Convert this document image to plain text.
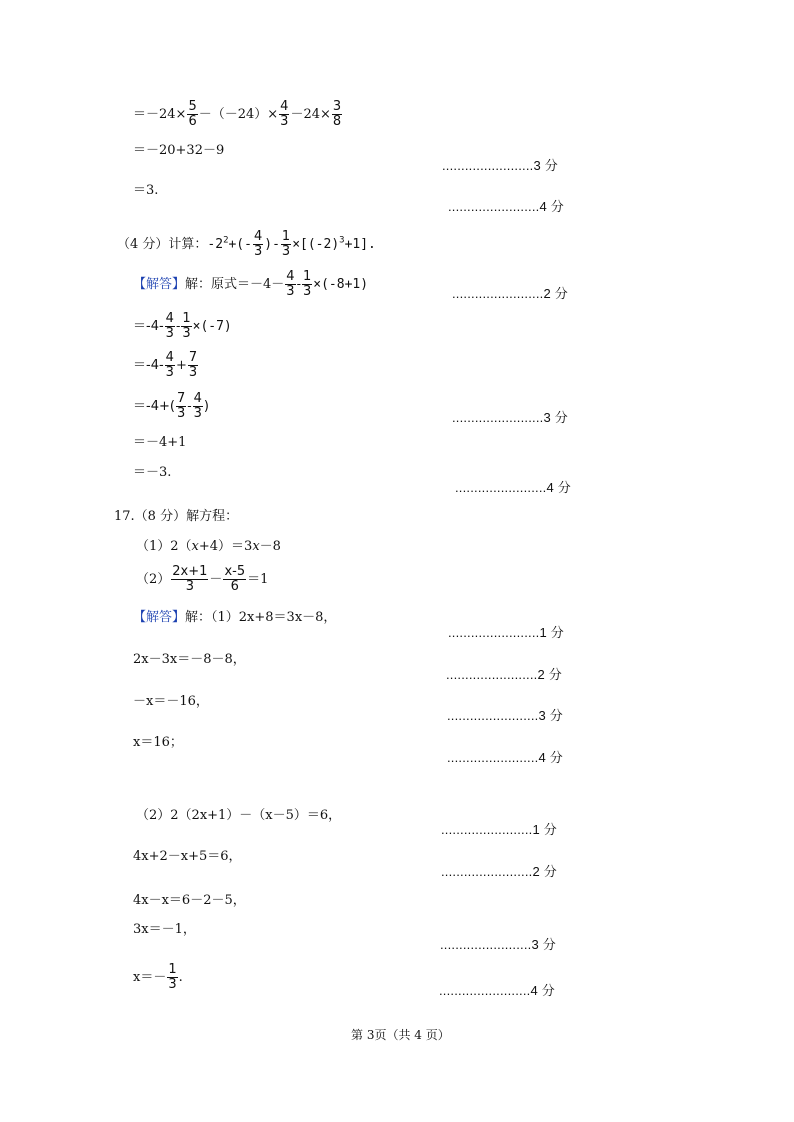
$=-24\times \frac{5}{6} -(-24)\times \frac{4}{3} -24\times \frac{3}{8}$
＝－20+32－9
........................3 分
＝3.
........................4 分
（4 分）计算：$-2^2+(- \frac{4}{3}$ )- $\frac{1}{3} \times[(-2)^3+1]$.
【解答】解：原式$=-4- \frac{4}{3} - \frac{1}{3} \times(-8+1)$
........................2 分
$=-4- \frac{4}{3} - \frac{1}{3} \times(-7)$
$=-4- \frac{4}{3} + \frac{7}{3}$
$=-4+( \frac{7}{3} - \frac{4}{3}$ )
........................3 分
＝－4+1
＝－3.
........................4 分
17.（8 分）解方程：
（1）2（x+4）＝3x－8
$(2) \frac{2x+1}{3} - \frac{x-5}{6} =1$
【解答】解：（1）2x+8＝3x－8，
........................1 分
2x－3x＝－8－8，
........................2 分
－x＝－16，
........................3 分
x＝16；
........................4 分
（2）2（2x+1）－（x－5）＝6，
........................1 分
4x+2－x+5＝6，
........................2 分
4x－x＝6－2－5，
3x＝－1，
........................3 分
$x=- \frac{1}{3}$ .
........................4 分
第 3页（共 4 页）
